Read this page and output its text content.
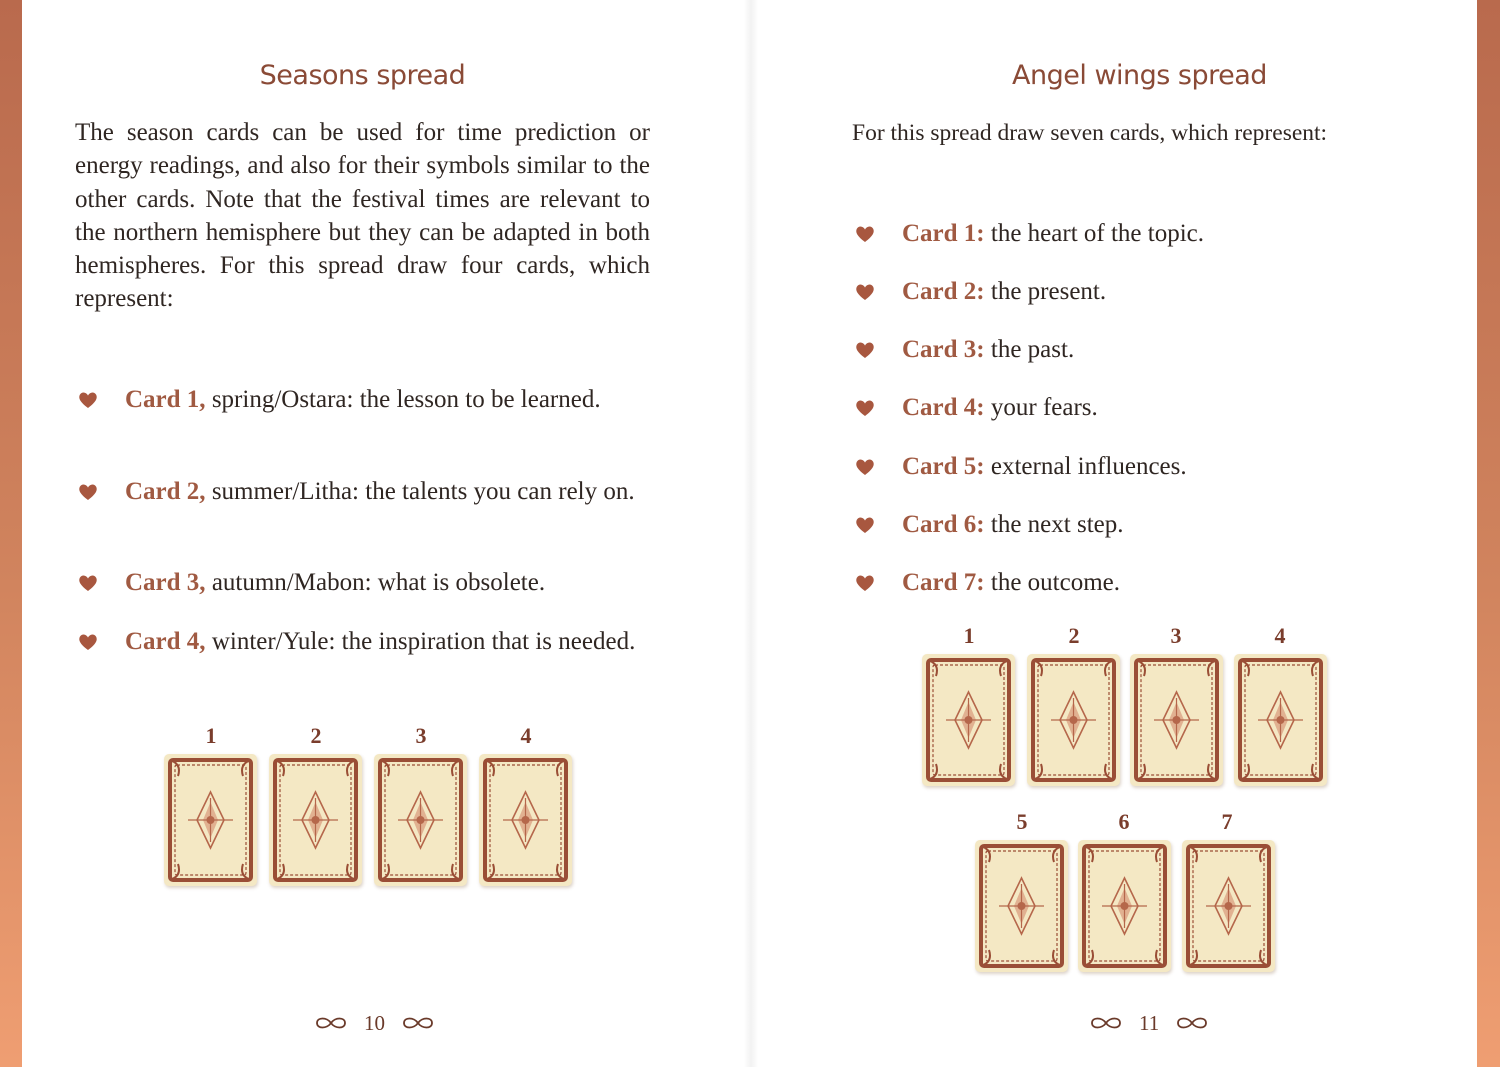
Seasons spread
The season cards can be used for time prediction or energy readings, and also for their symbols similar to the other cards. Note that the festival times are relevant to the northern hemisphere but they can be adapted in both hemispheres. For this spread draw four cards, which represent:
Card 1, spring/Ostara: the lesson to be learned.
Card 2, summer/Litha: the talents you can rely on.
Card 3, autumn/Mabon: what is obsolete.
Card 4, winter/Yule: the inspiration that is needed.
1	2	3	4
10
Angel wings spread
For this spread draw seven cards, which represent:
Card 1: the heart of the topic.
Card 2: the present.
Card 3: the past.
Card 4: your fears.
Card 5: external influences.
Card 6: the next step.
Card 7: the outcome.
1	2	3	4
5	6	7
11
